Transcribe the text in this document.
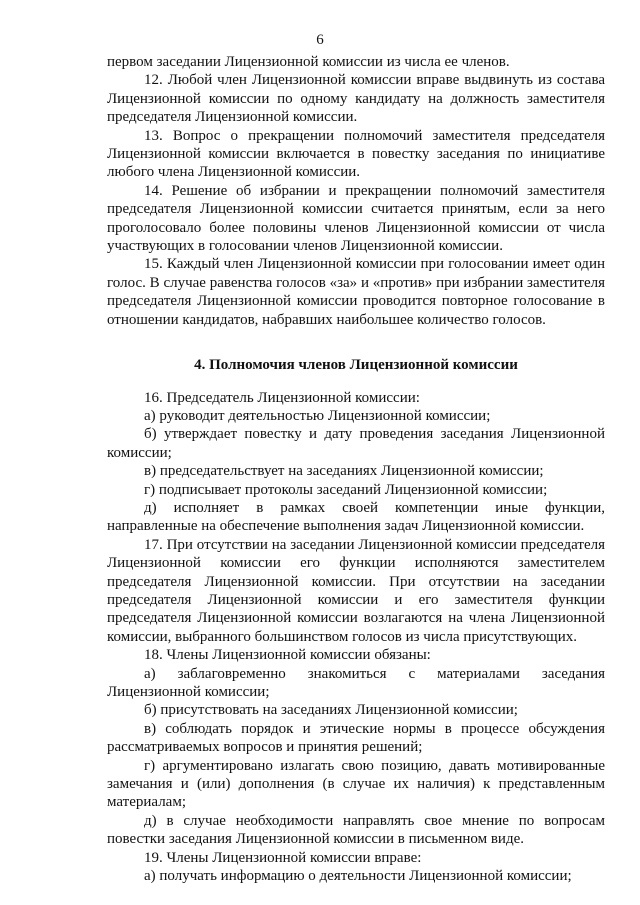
6

первом заседании Лицензионной комиссии из числа ее членов.

12. Любой член Лицензионной комиссии вправе выдвинуть из состава Лицензионной комиссии по одному кандидату на должность заместителя председателя Лицензионной комиссии.

13. Вопрос о прекращении полномочий заместителя председателя Лицензионной комиссии включается в повестку заседания по инициативе любого члена Лицензионной комиссии.

14. Решение об избрании и прекращении полномочий заместителя председателя Лицензионной комиссии считается принятым, если за него проголосовало более половины членов Лицензионной комиссии от числа участвующих в голосовании членов Лицензионной комиссии.

15. Каждый член Лицензионной комиссии при голосовании имеет один голос. В случае равенства голосов «за» и «против» при избрании заместителя председателя Лицензионной комиссии проводится повторное голосование в отношении кандидатов, набравших наибольшее количество голосов.

4. Полномочия членов Лицензионной комиссии

16. Председатель Лицензионной комиссии:

а) руководит деятельностью Лицензионной комиссии;

б) утверждает повестку и дату проведения заседания Лицензионной комиссии;

в) председательствует на заседаниях Лицензионной комиссии;

г) подписывает протоколы заседаний Лицензионной комиссии;

д) исполняет в рамках своей компетенции иные функции, направленные на обеспечение выполнения задач Лицензионной комиссии.

17. При отсутствии на заседании Лицензионной комиссии председателя Лицензионной комиссии его функции исполняются заместителем председателя Лицензионной комиссии. При отсутствии на заседании председателя Лицензионной комиссии и его заместителя функции председателя Лицензионной комиссии возлагаются на члена Лицензионной комиссии, выбранного большинством голосов из числа присутствующих.

18. Члены Лицензионной комиссии обязаны:

а) заблаговременно знакомиться с материалами заседания Лицензионной комиссии;

б) присутствовать на заседаниях Лицензионной комиссии;

в) соблюдать порядок и этические нормы в процессе обсуждения рассматриваемых вопросов и принятия решений;

г) аргументировано излагать свою позицию, давать мотивированные замечания и (или) дополнения (в случае их наличия) к представленным материалам;

д) в случае необходимости направлять свое мнение по вопросам повестки заседания Лицензионной комиссии в письменном виде.

19. Члены Лицензионной комиссии вправе:

а) получать информацию о деятельности Лицензионной комиссии;
